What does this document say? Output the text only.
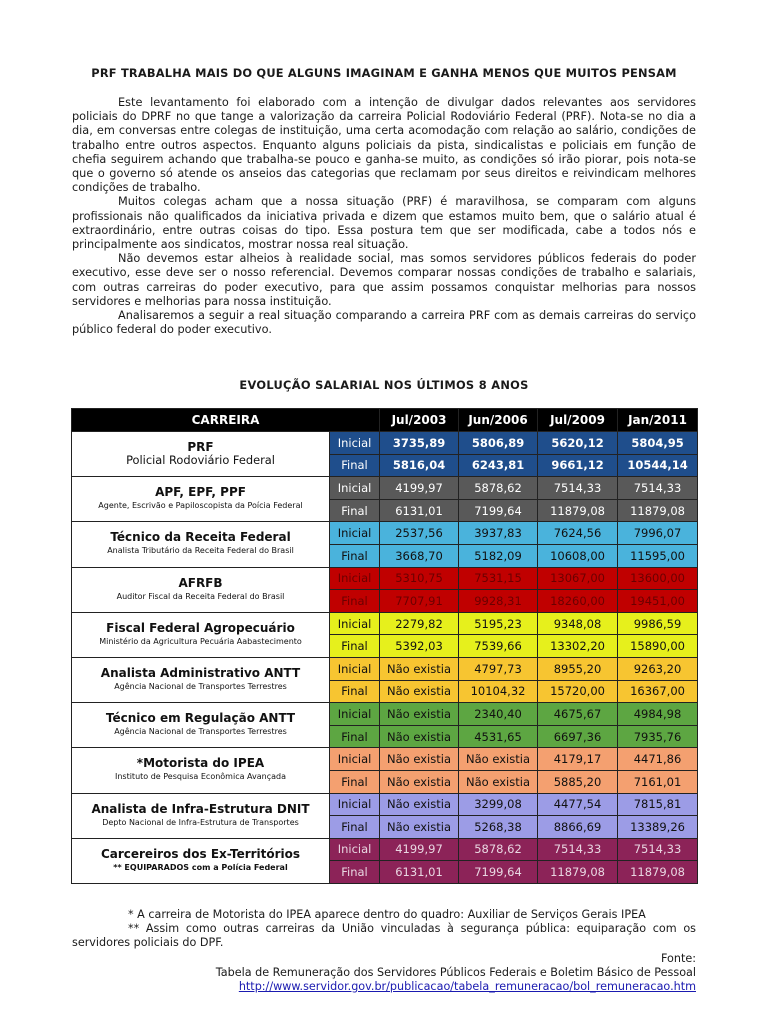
PRF TRABALHA MAIS DO QUE ALGUNS IMAGINAM E GANHA MENOS QUE MUITOS PENSAM

Este levantamento foi elaborado com a intenção de divulgar dados relevantes aos servidores policiais do DPRF no que tange a valorização da carreira Policial Rodoviário Federal (PRF). Nota-se no dia a dia, em conversas entre colegas de instituição, uma certa acomodação com relação ao salário, condições de trabalho entre outros aspectos. Enquanto alguns policiais da pista, sindicalistas e policiais em função de chefia seguirem achando que trabalha-se pouco e ganha-se muito, as condições só irão piorar, pois nota-se que o governo só atende os anseios das categorias que reclamam por seus direitos e reivindicam melhores condições de trabalho.

Muitos colegas acham que a nossa situação (PRF) é maravilhosa, se comparam com alguns profissionais não qualificados da iniciativa privada e dizem que estamos muito bem, que o salário atual é extraordinário, entre outras coisas do tipo. Essa postura tem que ser modificada, cabe a todos nós e principalmente aos sindicatos, mostrar nossa real situação.

Não devemos estar alheios à realidade social, mas somos servidores públicos federais do poder executivo, esse deve ser o nosso referencial. Devemos comparar nossas condições de trabalho e salariais, com outras carreiras do poder executivo, para que assim possamos conquistar melhorias para nossos servidores e melhorias para nossa instituição.

Analisaremos a seguir a real situação comparando a carreira PRF com as demais carreiras do serviço público federal do poder executivo.

EVOLUÇÃO SALARIAL NOS ÚLTIMOS 8 ANOS
CARREIRA		Jul/2003	Jun/2006	Jul/2009	Jan/2011

PRF
Policial Rodoviário Federal	Inicial	3735,89	5806,89	5620,12	5804,95
	Final	5816,04	6243,81	9661,12	10544,14

APF, EPF, PPF
Agente, Escrivão e Papiloscopista da Poícia Federal	Inicial	4199,97	5878,62	7514,33	7514,33
	Final	6131,01	7199,64	11879,08	11879,08

Técnico da Receita Federal
Analista Tributário da Receita Federal do Brasil	Inicial	2537,56	3937,83	7624,56	7996,07
	Final	3668,70	5182,09	10608,00	11595,00

AFRFB
Auditor Fiscal da Receita Federal do Brasil	Inicial	5310,75	7531,15	13067,00	13600,00
	Final	7707,91	9928,31	18260,00	19451,00

Fiscal Federal Agropecuário
Ministério da Agricultura Pecuária Aabastecimento	Inicial	2279,82	5195,23	9348,08	9986,59
	Final	5392,03	7539,66	13302,20	15890,00

Analista Administrativo ANTT
Agência Nacional de Transportes Terrestres	Inicial	Não existia	4797,73	8955,20	9263,20
	Final	Não existia	10104,32	15720,00	16367,00

Técnico em Regulação ANTT
Agência Nacional de Transportes Terrestres	Inicial	Não existia	2340,40	4675,67	4984,98
	Final	Não existia	4531,65	6697,36	7935,76

*Motorista do IPEA
Instituto de Pesquisa Econômica Avançada	Inicial	Não existia	Não existia	4179,17	4471,86
	Final	Não existia	Não existia	5885,20	7161,01

Analista de Infra-Estrutura DNIT
Depto Nacional de Infra-Estrutura de Transportes	Inicial	Não existia	3299,08	4477,54	7815,81
	Final	Não existia	5268,38	8866,69	13389,26

Carcereiros dos Ex-Territórios
** EQUIPARADOS com a Polícia Federal	Inicial	4199,97	5878,62	7514,33	7514,33
	Final	6131,01	7199,64	11879,08	11879,08

* A carreira de Motorista do IPEA aparece dentro do quadro: Auxiliar de Serviços Gerais IPEA

** Assim como outras carreiras da União vinculadas à segurança pública: equiparação com os servidores policiais do DPF.

Fonte:

Tabela de Remuneração dos Servidores Públicos Federais e Boletim Básico de Pessoal

http://www.servidor.gov.br/publicacao/tabela_remuneracao/bol_remuneracao.htm
